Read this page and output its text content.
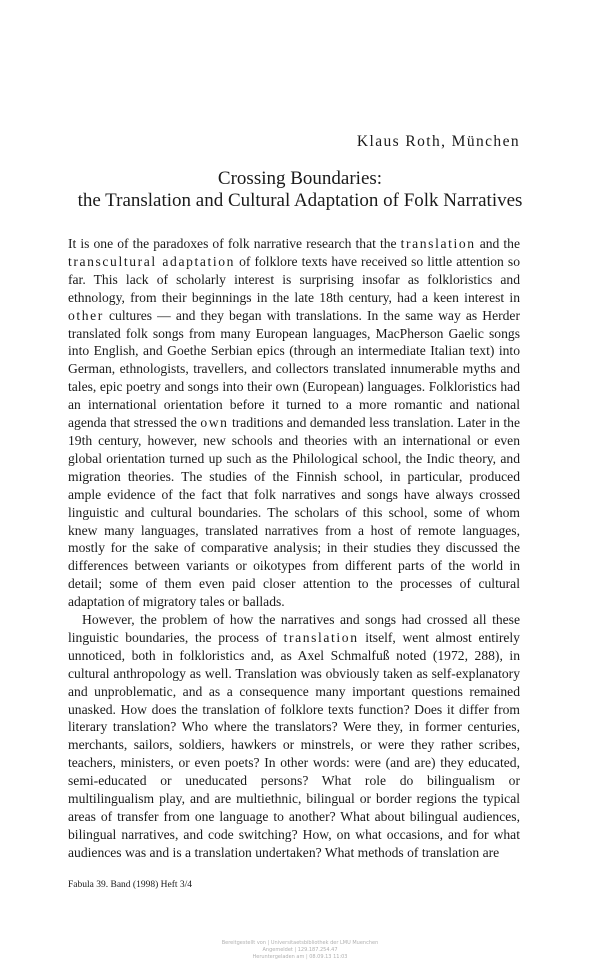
Klaus Roth, München
Crossing Boundaries:
the Translation and Cultural Adaptation of Folk Narratives

It is one of the paradoxes of folk narrative research that the translation and the transcultural adaptation of folklore texts have received so little attention so far. This lack of scholarly interest is surprising insofar as folkloristics and ethnology, from their beginnings in the late 18th century, had a keen interest in other cultures — and they began with translations. In the same way as Herder translated folk songs from many European languages, MacPherson Gaelic songs into English, and Goethe Serbian epics (through an intermediate Italian text) into German, ethnologists, travellers, and collectors translated innumerable myths and tales, epic poetry and songs into their own (European) languages. Folkloristics had an international orientation before it turned to a more romantic and national agenda that stressed the own traditions and demanded less translation. Later in the 19th century, however, new schools and theories with an international or even global orientation turned up such as the Philological school, the Indic theory, and migration theories. The studies of the Finnish school, in particular, produced ample evidence of the fact that folk narratives and songs have always crossed linguistic and cultural boundaries. The scholars of this school, some of whom knew many languages, translated narratives from a host of remote languages, mostly for the sake of comparative analysis; in their studies they discussed the differences between variants or oikotypes from different parts of the world in detail; some of them even paid closer attention to the processes of cultural adaptation of migratory tales or ballads.

However, the problem of how the narratives and songs had crossed all these linguistic boundaries, the process of translation itself, went almost entirely unnoticed, both in folkloristics and, as Axel Schmalfuß noted (1972, 288), in cultural anthropology as well. Translation was obviously taken as self-explanatory and unproblematic, and as a consequence many important questions remained unasked. How does the translation of folklore texts function? Does it differ from literary translation? Who where the translators? Were they, in former centuries, merchants, sailors, soldiers, hawkers or minstrels, or were they rather scribes, teachers, ministers, or even poets? In other words: were (and are) they educated, semi-educated or uneducated persons? What role do bilingualism or multilingualism play, and are multiethnic, bilingual or border regions the typical areas of transfer from one language to another? What about bilingual audiences, bilingual narratives, and code switching? How, on what occasions, and for what audiences was and is a translation undertaken? What methods of translation are

Fabula 39. Band (1998) Heft 3/4
Bereitgestellt von | Universitaetsbibliothek der LMU Muenchen
Angemeldet | 129.187.254.47
Heruntergeladen am | 08.09.13 11:03
